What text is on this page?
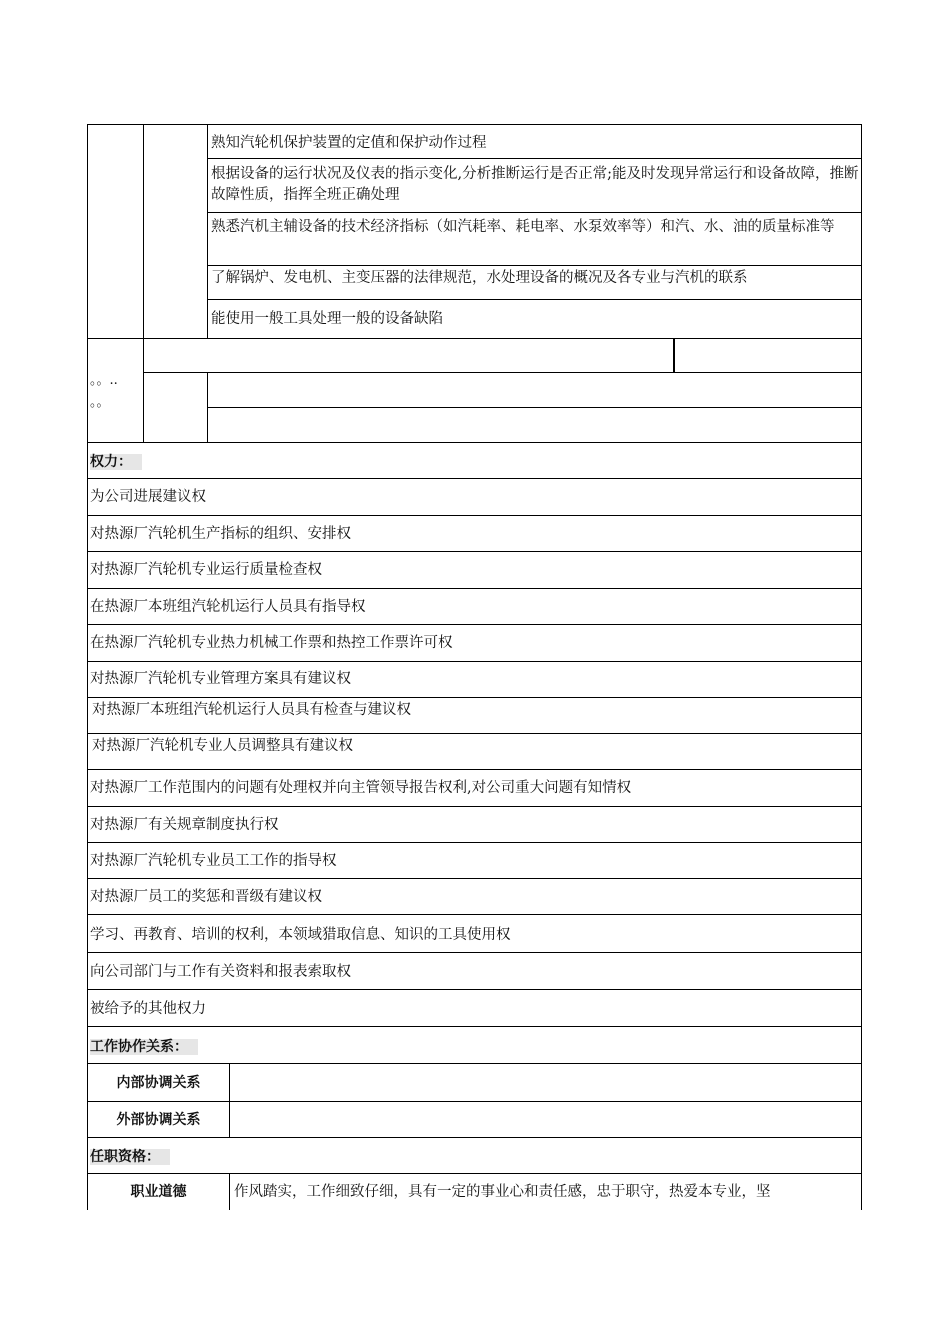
熟知汽轮机保护装置的定值和保护动作过程
根据设备的运行状况及仪表的指示变化,分析推断运行是否正常;能及时发现异常运行和设备故障，推断故障性质，指挥全班正确处理
熟悉汽机主辅设备的技术经济指标（如汽耗率、耗电率、水泵效率等）和汽、水、油的质量标准等
了解锅炉、发电机、主变压器的法律规范，水处理设备的概况及各专业与汽机的联系
能使用一般工具处理一般的设备缺陷
。。..
。。
权力：
为公司进展建议权
对热源厂汽轮机生产指标的组织、安排权
对热源厂汽轮机专业运行质量检查权
在热源厂本班组汽轮机运行人员具有指导权
在热源厂汽轮机专业热力机械工作票和热控工作票许可权
对热源厂汽轮机专业管理方案具有建议权
对热源厂本班组汽轮机运行人员具有检查与建议权
对热源厂汽轮机专业人员调整具有建议权
对热源厂工作范围内的问题有处理权并向主管领导报告权利,对公司重大问题有知情权
对热源厂有关规章制度执行权
对热源厂汽轮机专业员工工作的指导权
对热源厂员工的奖惩和晋级有建议权
学习、再教育、培训的权利，本领域猎取信息、知识的工具使用权
向公司部门与工作有关资料和报表索取权
被给予的其他权力
工作协作关系：
内部协调关系
外部协调关系
任职资格：
职业道德	作风踏实，工作细致仔细，具有一定的事业心和责任感，忠于职守，热爱本专业，坚
